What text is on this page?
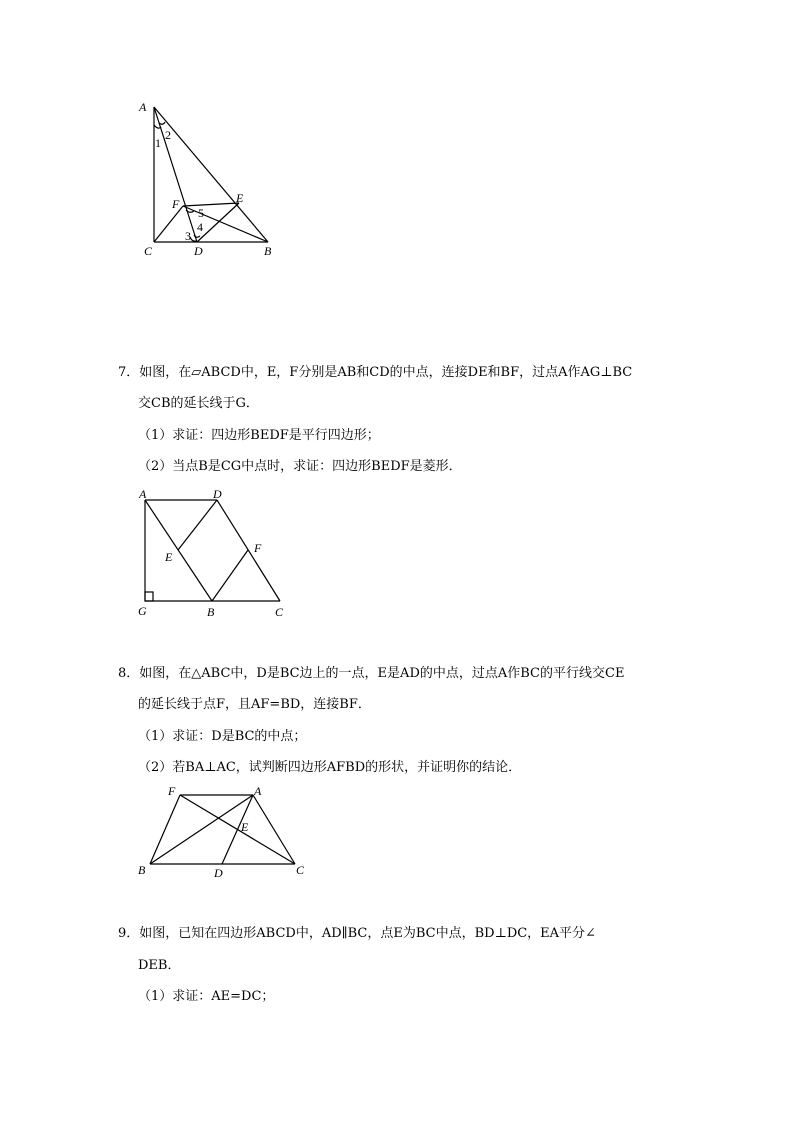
A
F	E
C	D	B
1
2
5
4
3
7．如图，在▱ABCD中，E，F分别是AB和CD的中点，连接DE和BF，过点A作AG⊥BC
交CB的延长线于G．
（1）求证：四边形BEDF是平行四边形；
（2）当点B是CG中点时，求证：四边形BEDF是菱形．
A	D
E
F
G	B	C
8．如图，在△ABC中，D是BC边上的一点，E是AD的中点，过点A作BC的平行线交CE
的延长线于点F，且AF=BD，连接BF．
（1）求证：D是BC的中点；
（2）若BA⊥AC，试判断四边形AFBD的形状，并证明你的结论．
F	A
E
B	D	C
9．如图，已知在四边形ABCD中，AD∥BC，点E为BC中点，BD⊥DC，EA平分∠
DEB．
（1）求证：AE=DC；
